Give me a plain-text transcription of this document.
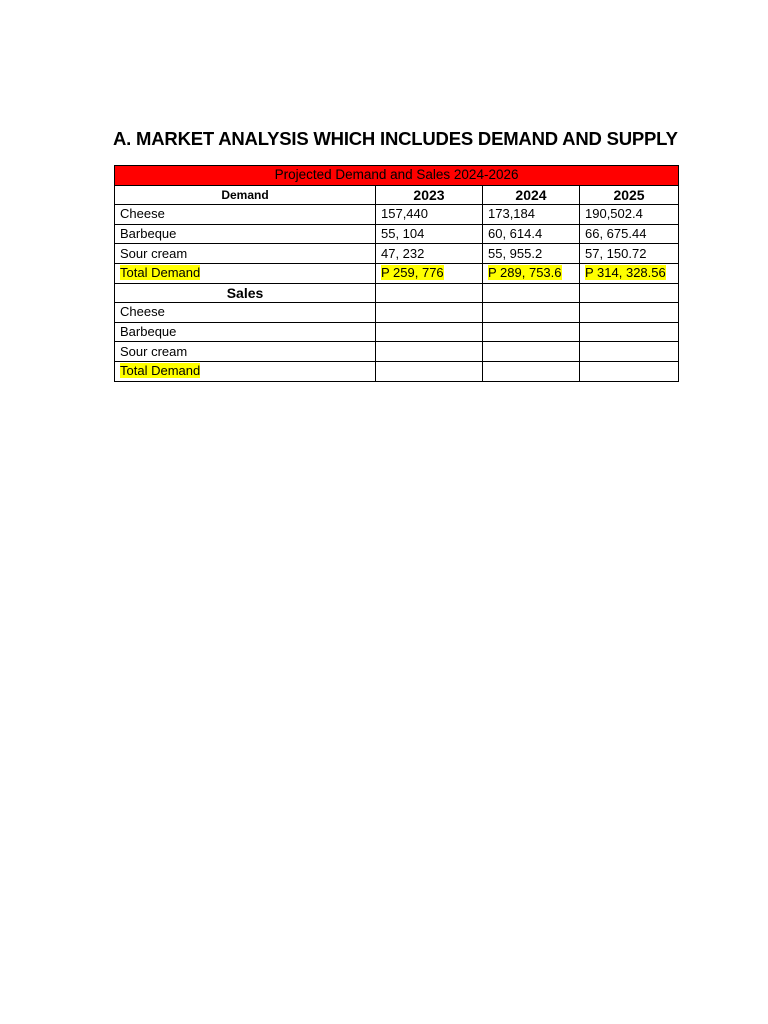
A. MARKET ANALYSIS WHICH INCLUDES DEMAND AND SUPPLY
Projected Demand and Sales 2024-2026			
Demand	2023	2024	2025
Cheese	157,440	173,184	190,502.4
Barbeque	55, 104	60, 614.4	66, 675.44
Sour cream	47, 232	55, 955.2	57, 150.72
Total Demand	P 259, 776	P 289, 753.6	P 314, 328.56
Sales			
Cheese			
Barbeque			
Sour cream			
Total Demand			
